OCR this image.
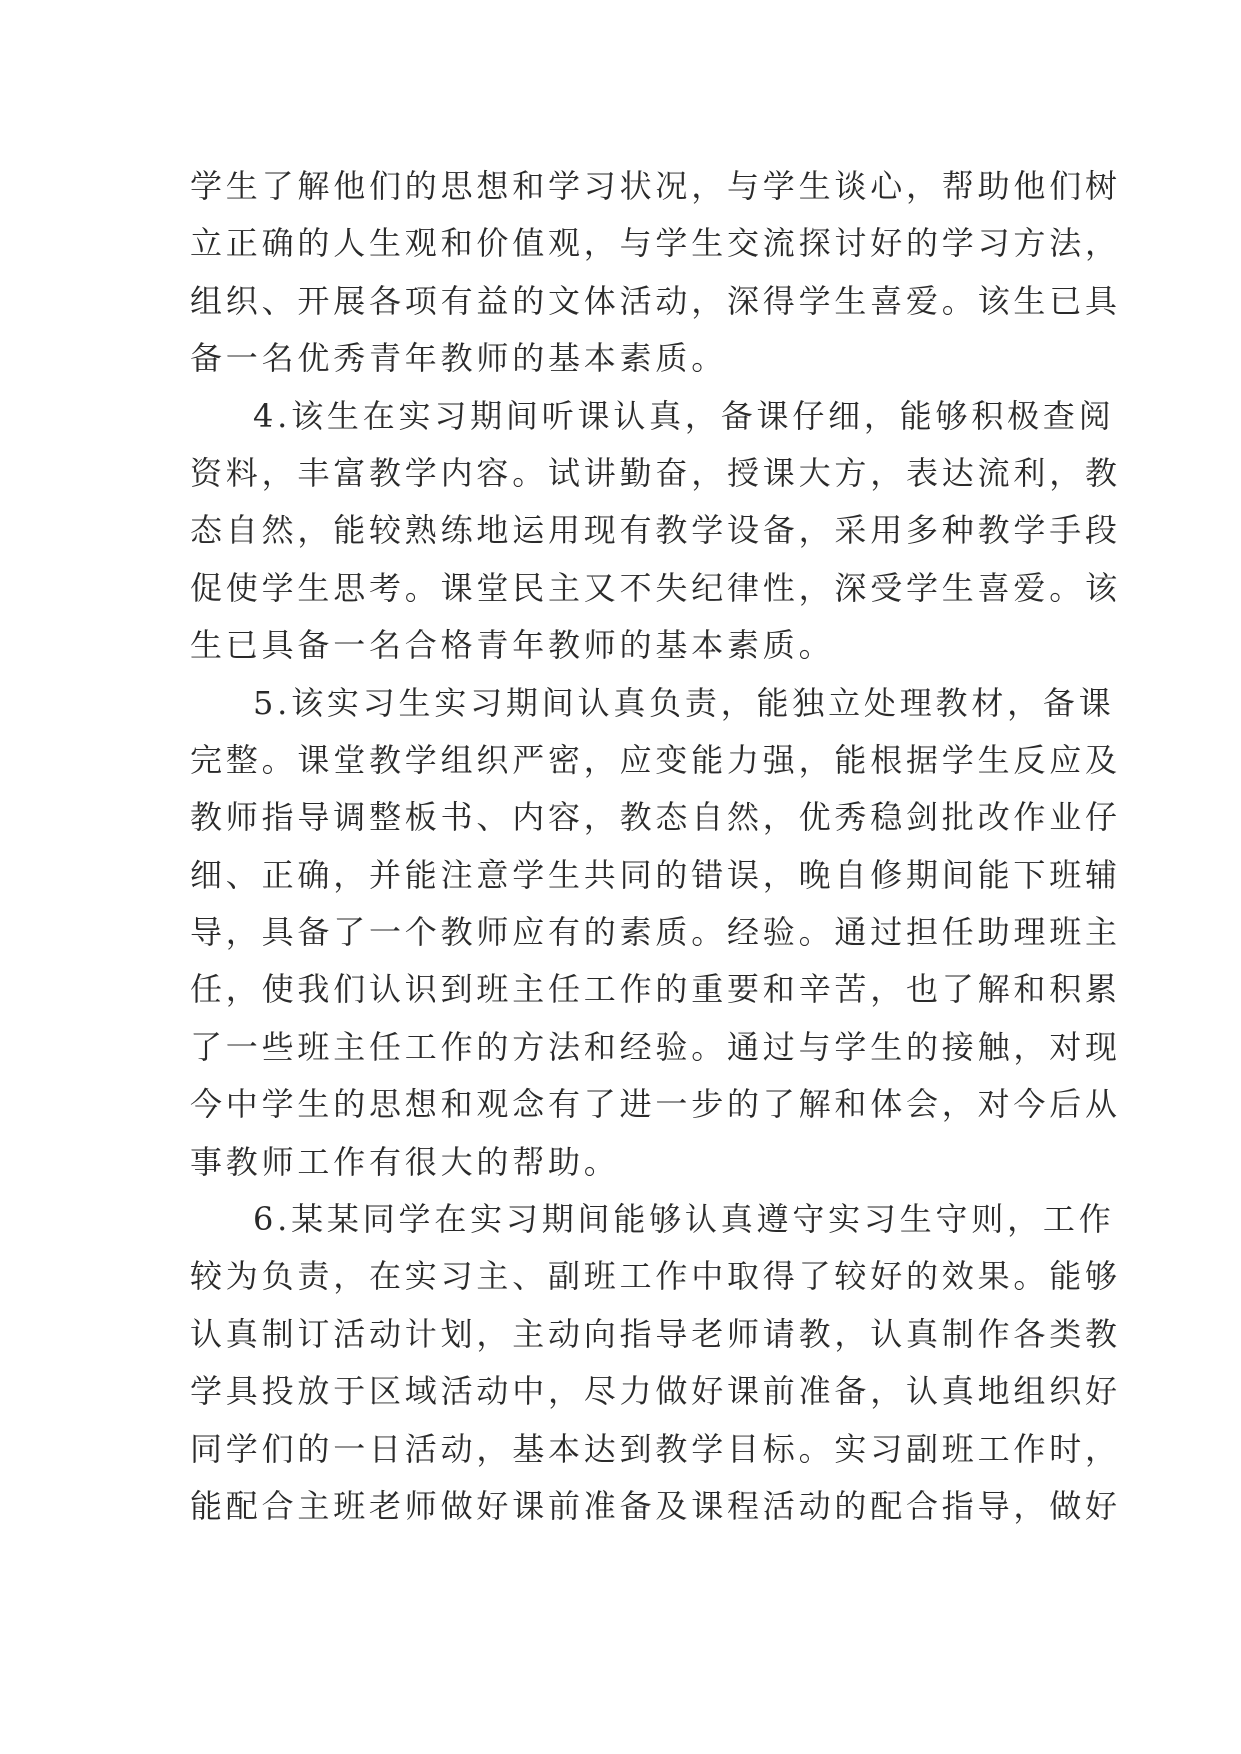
学生了解他们的思想和学习状况，与学生谈心，帮助他们树
立正确的人生观和价值观，与学生交流探讨好的学习方法，
组织、开展各项有益的文体活动，深得学生喜爱。该生已具
备一名优秀青年教师的基本素质。
4.该生在实习期间听课认真，备课仔细，能够积极查阅
资料，丰富教学内容。试讲勤奋，授课大方，表达流利，教
态自然，能较熟练地运用现有教学设备，采用多种教学手段
促使学生思考。课堂民主又不失纪律性，深受学生喜爱。该
生已具备一名合格青年教师的基本素质。
5.该实习生实习期间认真负责，能独立处理教材，备课
完整。课堂教学组织严密，应变能力强，能根据学生反应及
教师指导调整板书、内容，教态自然，优秀稳剑批改作业仔
细、正确，并能注意学生共同的错误，晚自修期间能下班辅
导，具备了一个教师应有的素质。经验。通过担任助理班主
任，使我们认识到班主任工作的重要和辛苦，也了解和积累
了一些班主任工作的方法和经验。通过与学生的接触，对现
今中学生的思想和观念有了进一步的了解和体会，对今后从
事教师工作有很大的帮助。
6.某某同学在实习期间能够认真遵守实习生守则，工作
较为负责，在实习主、副班工作中取得了较好的效果。能够
认真制订活动计划，主动向指导老师请教，认真制作各类教
学具投放于区域活动中，尽力做好课前准备，认真地组织好
同学们的一日活动，基本达到教学目标。实习副班工作时，
能配合主班老师做好课前准备及课程活动的配合指导，做好
